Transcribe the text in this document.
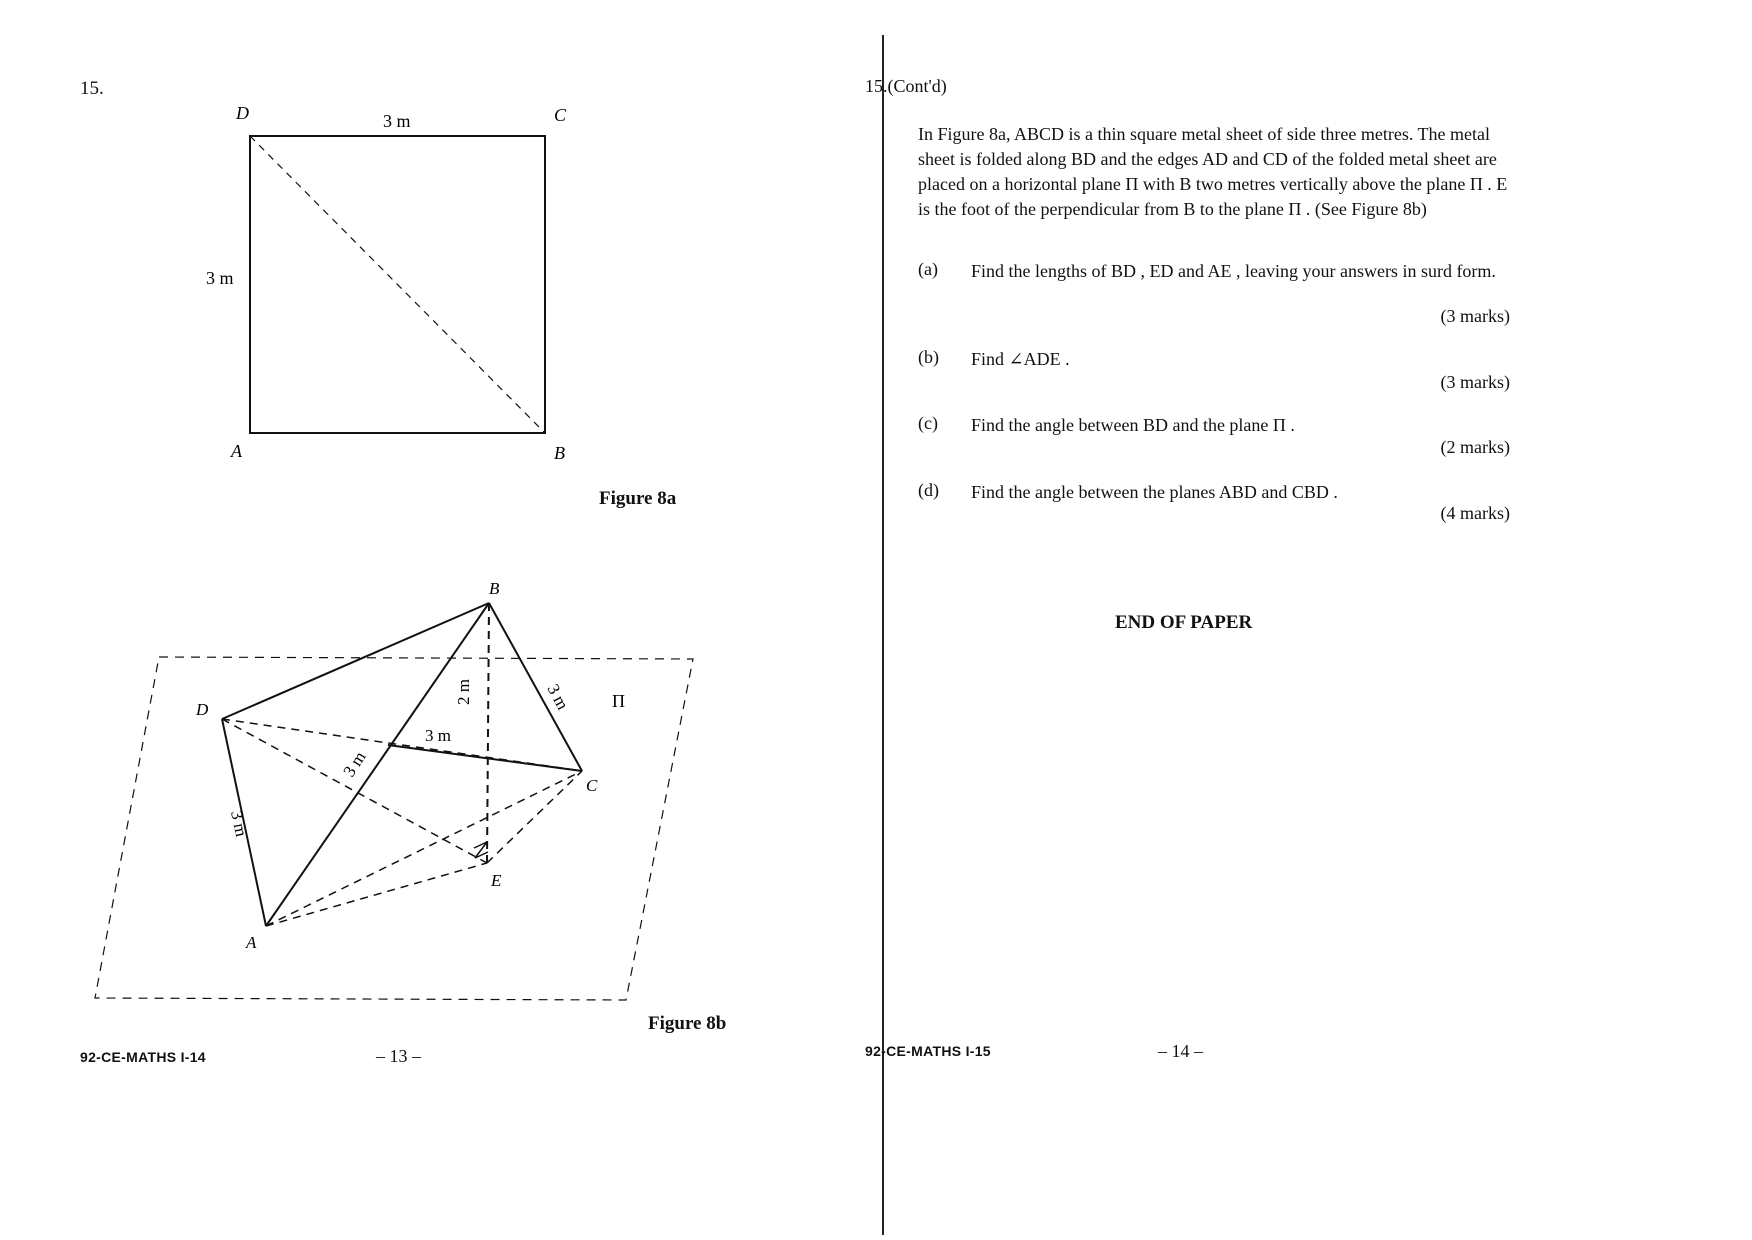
15.
D	C
A	B
3 m
3 m
Figure 8a
B
D
C
E
A
Π
2 m	3 m
3 m
3 m
3 m
Figure 8b
92-CE-MATHS I-14	– 13 –
15.(Cont'd)
In Figure 8a, ABCD is a thin square metal sheet of side three metres. The metal sheet is folded along BD and the edges AD and CD of the folded metal sheet are placed on a horizontal plane Π with B two metres vertically above the plane Π . E is the foot of the perpendicular from B to the plane Π . (See Figure 8b)
(a) Find the lengths of BD , ED and AE , leaving your answers in surd form.
(3 marks)
(b) Find ∠ADE .
(3 marks)
(c) Find the angle between BD and the plane Π .
(2 marks)
(d) Find the angle between the planes ABD and CBD .
(4 marks)
END OF PAPER
92-CE-MATHS I-15	– 14 –
